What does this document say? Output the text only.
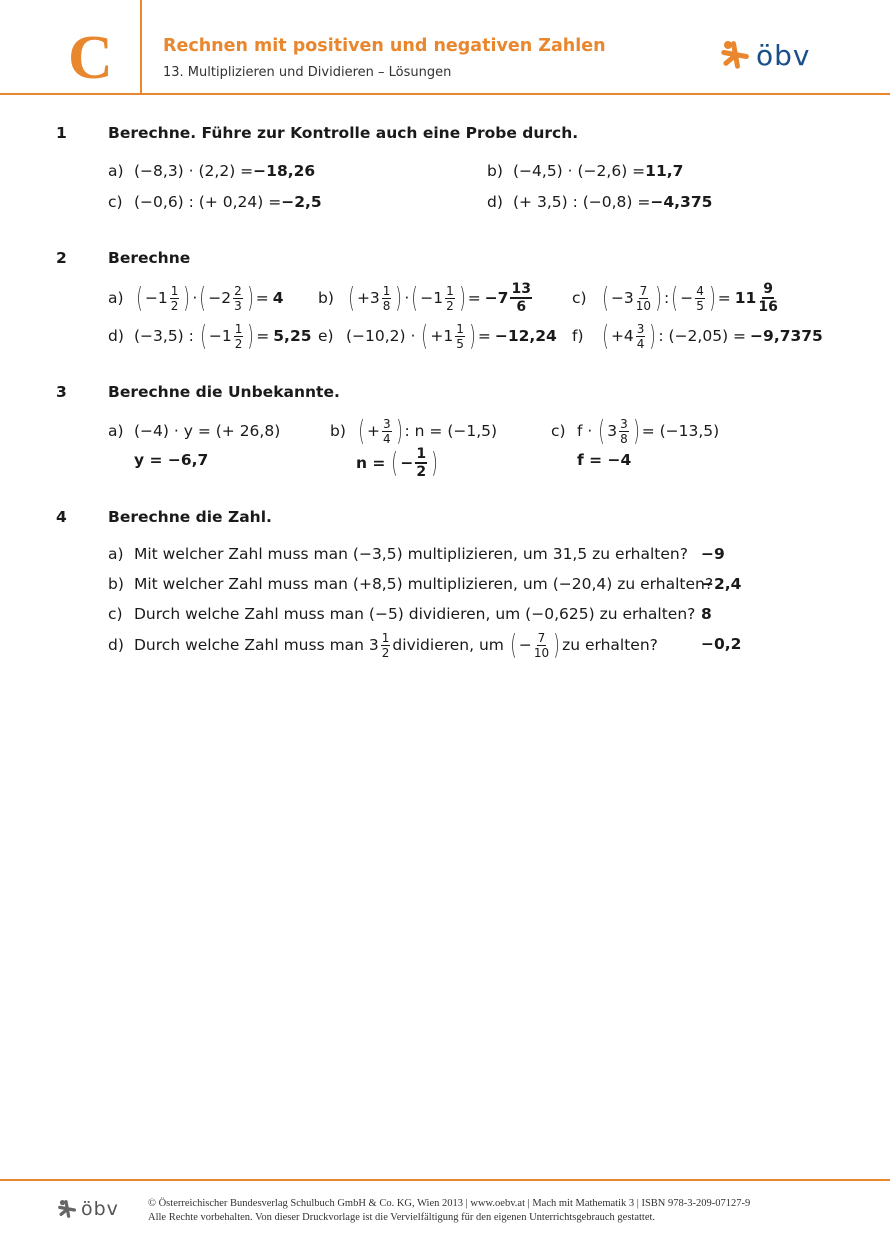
C	Rechnen mit positiven und negativen Zahlen
13. Multiplizieren und Dividieren – Lösungen
öbv
1	Berechne. Führe zur Kontrolle auch eine Probe durch.
a) (−8,3) · (2,2) = −18,26	b) (−4,5) · (−2,6) = 11,7
c) (−0,6) : (+ 0,24) = −2,5	d) (+ 3,5) : (−0,8) = −4,375
2	Berechne
a) ( $-1 \frac{1}{2}$ ) · ( $-2 \frac{2}{3}$ ) = 4 b) ( $+3 \frac{1}{8}$ ) · ( $-1 \frac{1}{2}$ ) = $-7 \frac{13}{6}$	c) ( $-3 \frac{7}{10}$ ) : ( − $\frac{4}{5}$ ) = $11 \frac{9}{16}$
d) (−3,5) : ( $-1 \frac{1}{2}$ ) = 5,25 e) (−10,2) · ( $+1 \frac{1}{5}$ ) = −12,24 f) ( $+4 \frac{3}{4}$ ) : (−2,05) = −9,7375
3	Berechne die Unbekannte.
a) (−4) · y = (+ 26,8)
y = −6,7
b) ( + $\frac{3}{4}$ ) : n = (−1,5)
n = ( − $\frac{1}{2}$ )
c) f · ( $3 \frac{3}{8}$ ) = (−13,5)
f = −4
4	Berechne die Zahl.
a) Mit welcher Zahl muss man (−3,5) multiplizieren, um 31,5 zu erhalten? −9
b) Mit welcher Zahl muss man (+8,5) multiplizieren, um (−20,4) zu erhalten?
−2,4
c) Durch welche Zahl muss man (−5) dividieren, um (−0,625) zu erhalten? 8
d) Durch welche Zahl muss man $3 \frac{1}{2}$ dividieren, um ( − $\frac{7}{10}$ ) zu erhalten?	−0,2
öbv	© Österreichischer Bundesverlag Schulbuch GmbH & Co. KG, Wien 2013 | www.oebv.at | Mach mit Mathematik 3 | ISBN 978-3-209-07127-9
Alle Rechte vorbehalten. Von dieser Druckvorlage ist die Vervielfältigung für den eigenen Unterrichtsgebrauch gestattet.
